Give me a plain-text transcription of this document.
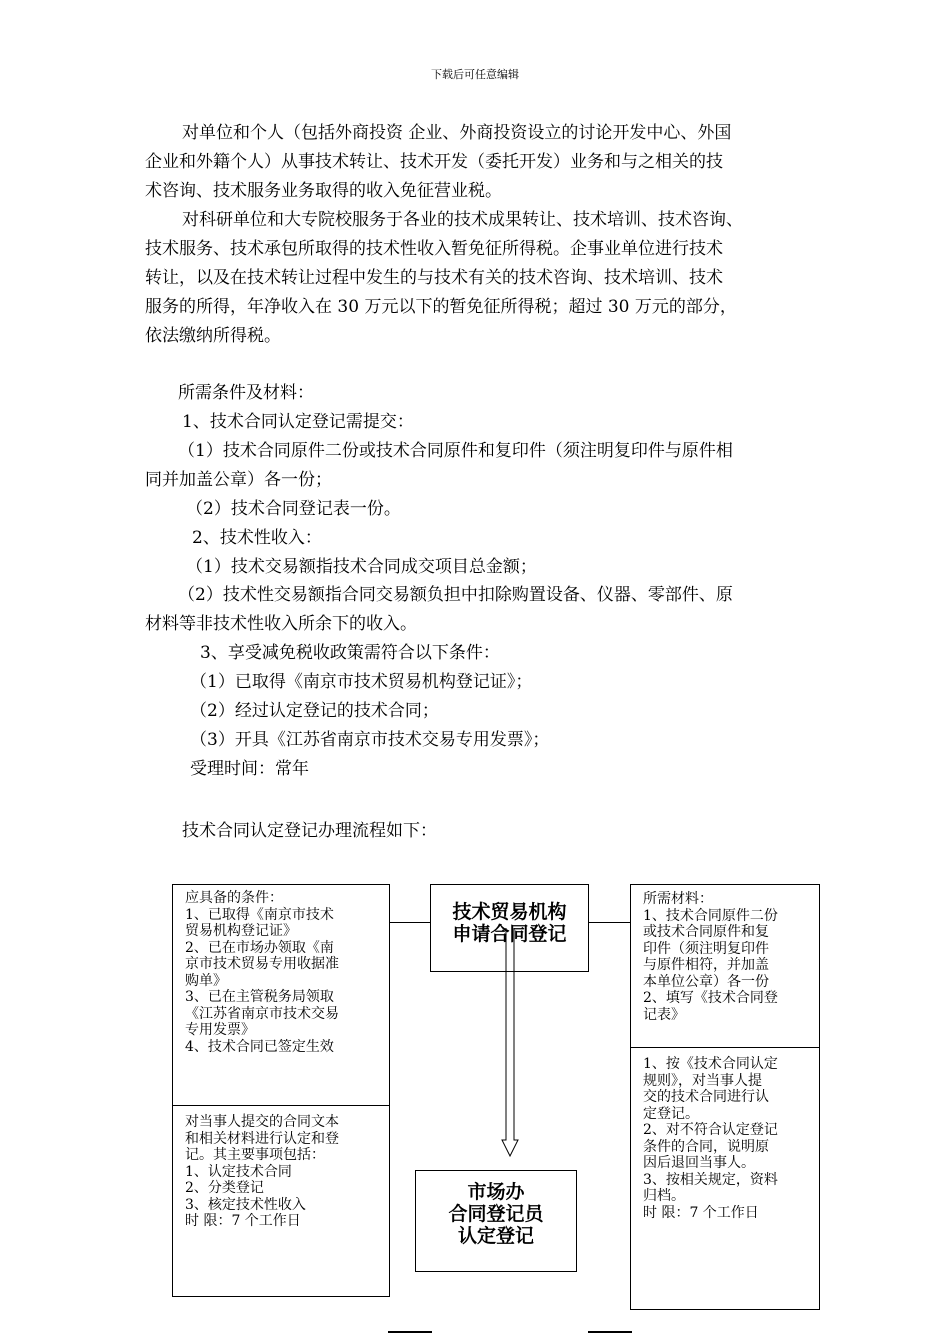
下载后可任意编辑
对单位和个人（包括外商投资 企业、外商投资设立的讨论开发中心、外国
企业和外籍个人）从事技术转让、技术开发（委托开发）业务和与之相关的技
术咨询、技术服务业务取得的收入免征营业税。
对科研单位和大专院校服务于各业的技术成果转让、技术培训、技术咨询、
技术服务、技术承包所取得的技术性收入暂免征所得税。企事业单位进行技术
转让，以及在技术转让过程中发生的与技术有关的技术咨询、技术培训、技术
服务的所得，年净收入在 30 万元以下的暂免征所得税；超过 30 万元的部分，
依法缴纳所得税。
所需条件及材料：
1、技术合同认定登记需提交：
（1）技术合同原件二份或技术合同原件和复印件（须注明复印件与原件相
同并加盖公章）各一份；
（2）技术合同登记表一份。
2、技术性收入：
（1）技术交易额指技术合同成交项目总金额；
（2）技术性交易额指合同交易额负担中扣除购置设备、仪器、零部件、原
材料等非技术性收入所余下的收入。
3、享受减免税收政策需符合以下条件：
（1）已取得《南京市技术贸易机构登记证》；
（2）经过认定登记的技术合同；
（3）开具《江苏省南京市技术交易专用发票》；
受理时间：常年
技术合同认定登记办理流程如下：
应具备的条件：
1、已取得《南京市技术
贸易机构登记证》
2、已在市场办领取《南
京市技术贸易专用收据准
购单》
3、已在主管税务局领取
《江苏省南京市技术交易
专用发票》
4、技术合同已签定生效
对当事人提交的合同文本
和相关材料进行认定和登
记。其主要事项包括：
1、认定技术合同
2、分类登记
3、核定技术性收入
时 限：7 个工作日
技术贸易机构
申请合同登记
市场办
合同登记员
认定登记
所需材料：
1、技术合同原件二份
或技术合同原件和复
印件（须注明复印件
与原件相符，并加盖
本单位公章）各一份
2、填写《技术合同登
记表》
1、按《技术合同认定
规则》，对当事人提
交的技术合同进行认
定登记。
2、对不符合认定登记
条件的合同，说明原
因后退回当事人。
3、按相关规定，资料
归档。
时 限：7 个工作日
